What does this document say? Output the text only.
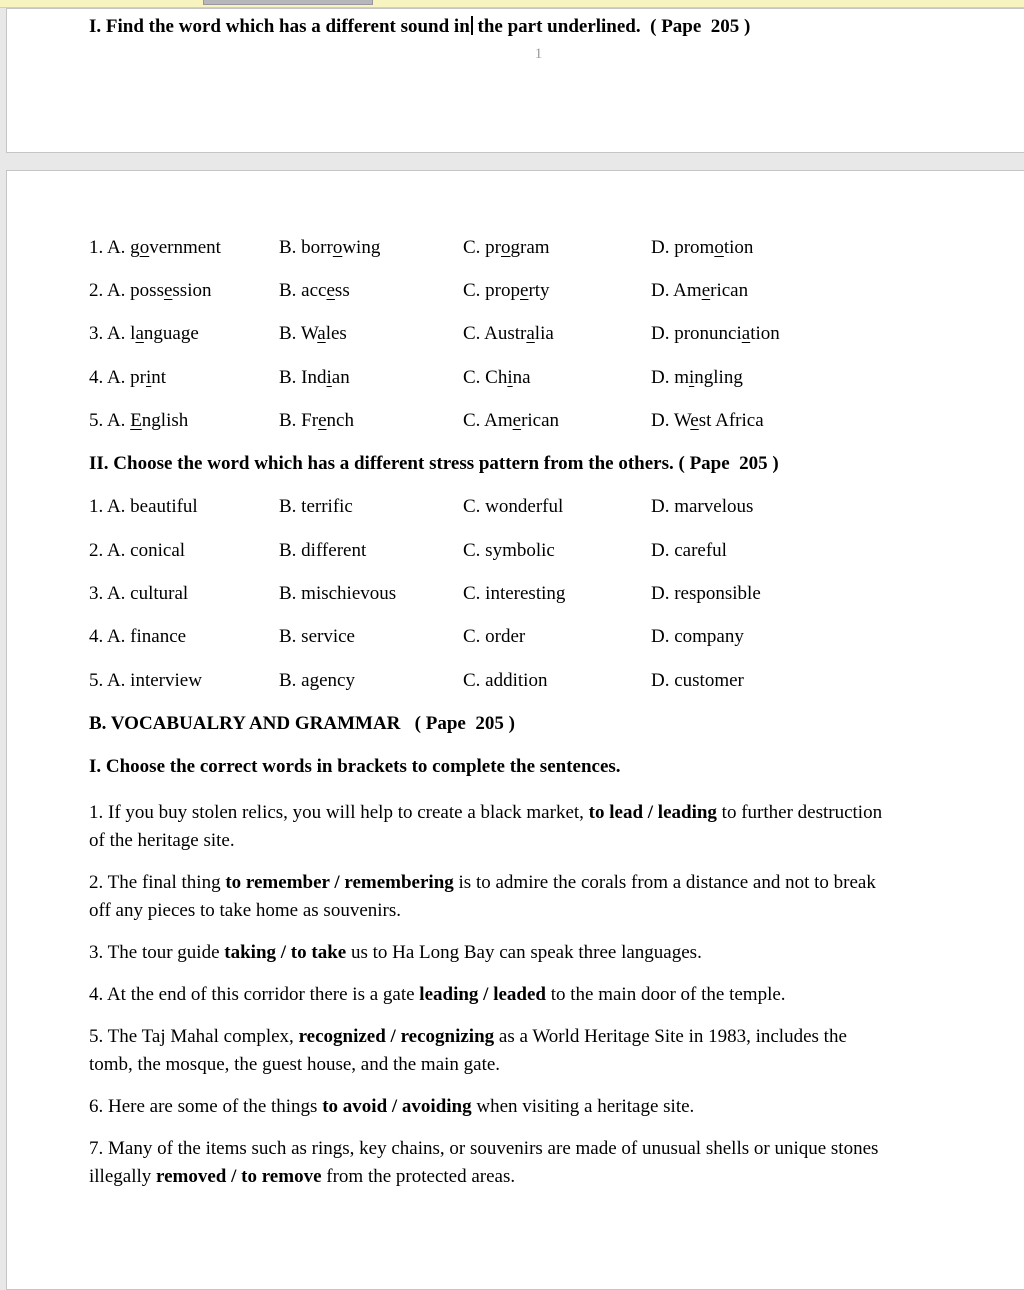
I. Find the word which has a different sound in the part underlined.  ( Pape  205 )
1
1. A. government	B. borrowing	C. program	D. promotion
2. A. possession	B. access	C. property	D. American
3. A. language	B. Wales	C. Australia	D. pronunciation
4. A. print	B. Indian	C. China	D. mingling
5. A. English	B. French	C. American	D. West Africa
II. Choose the word which has a different stress pattern from the others. ( Pape  205 )
1. A. beautiful	B. terrific	C. wonderful	D. marvelous
2. A. conical	B. different	C. symbolic	D. careful
3. A. cultural	B. mischievous	C. interesting	D. responsible
4. A. finance	B. service	C. order	D. company
5. A. interview	B. agency	C. addition	D. customer
B. VOCABUALRY AND GRAMMAR   ( Pape  205 )
I. Choose the correct words in brackets to complete the sentences.

1. If you buy stolen relics, you will help to create a black market, to lead / leading to further destruction
of the heritage site.

2. The final thing to remember / remembering is to admire the corals from a distance and not to break
off any pieces to take home as souvenirs.

3. The tour guide taking / to take us to Ha Long Bay can speak three languages.

4. At the end of this corridor there is a gate leading / leaded to the main door of the temple.

5. The Taj Mahal complex, recognized / recognizing as a World Heritage Site in 1983, includes the
tomb, the mosque, the guest house, and the main gate.

6. Here are some of the things to avoid / avoiding when visiting a heritage site.

7. Many of the items such as rings, key chains, or souvenirs are made of unusual shells or unique stones
illegally removed / to remove from the protected areas.
